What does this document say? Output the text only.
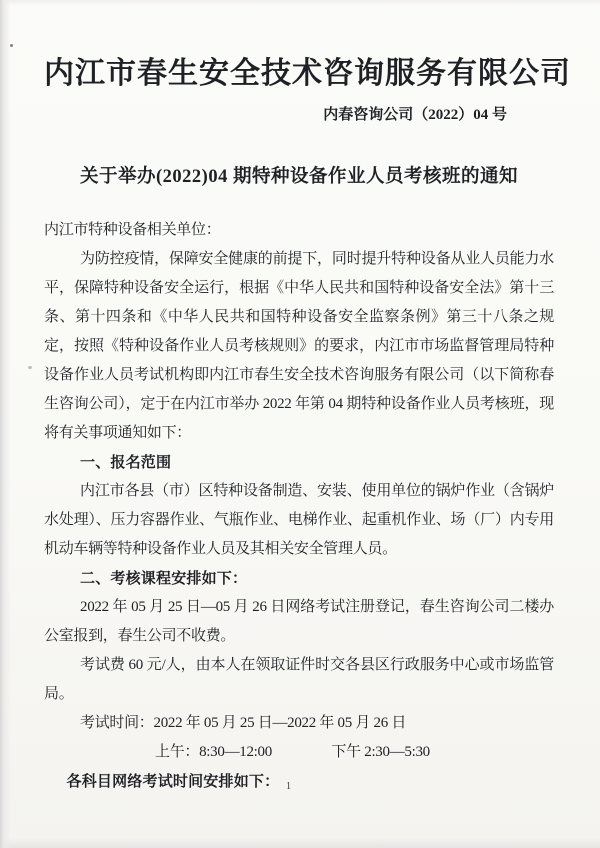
内江市春生安全技术咨询服务有限公司
内春咨询公司（2022）04 号
关于举办(2022)04 期特种设备作业人员考核班的通知

内江市特种设备相关单位：

为防控疫情，保障安全健康的前提下，同时提升特种设备从业人员能力水平，保障特种设备安全运行，根据《中华人民共和国特种设备安全法》第十三条、第十四条和《中华人民共和国特种设备安全监察条例》第三十八条之规定，按照《特种设备作业人员考核规则》的要求，内江市市场监督管理局特种设备作业人员考试机构即内江市春生安全技术咨询服务有限公司（以下简称春生咨询公司），定于在内江市举办 2022 年第 04 期特种设备作业人员考核班，现将有关事项通知如下：

一、报名范围

内江市各县（市）区特种设备制造、安装、使用单位的锅炉作业（含锅炉水处理）、压力容器作业、气瓶作业、电梯作业、起重机作业、场（厂）内专用机动车辆等特种设备作业人员及其相关安全管理人员。

二、考核课程安排如下：

2022 年 05 月 25 日—05 月 26 日网络考试注册登记，春生咨询公司二楼办公室报到，春生公司不收费。

考试费 60 元/人，由本人在领取证件时交各县区行政服务中心或市场监管局。

考试时间：2022 年 05 月 25 日—2022 年 05 月 26 日

上午：8:30—12:00	下午 2:30—5:30

各科目网络考试时间安排如下： 1
